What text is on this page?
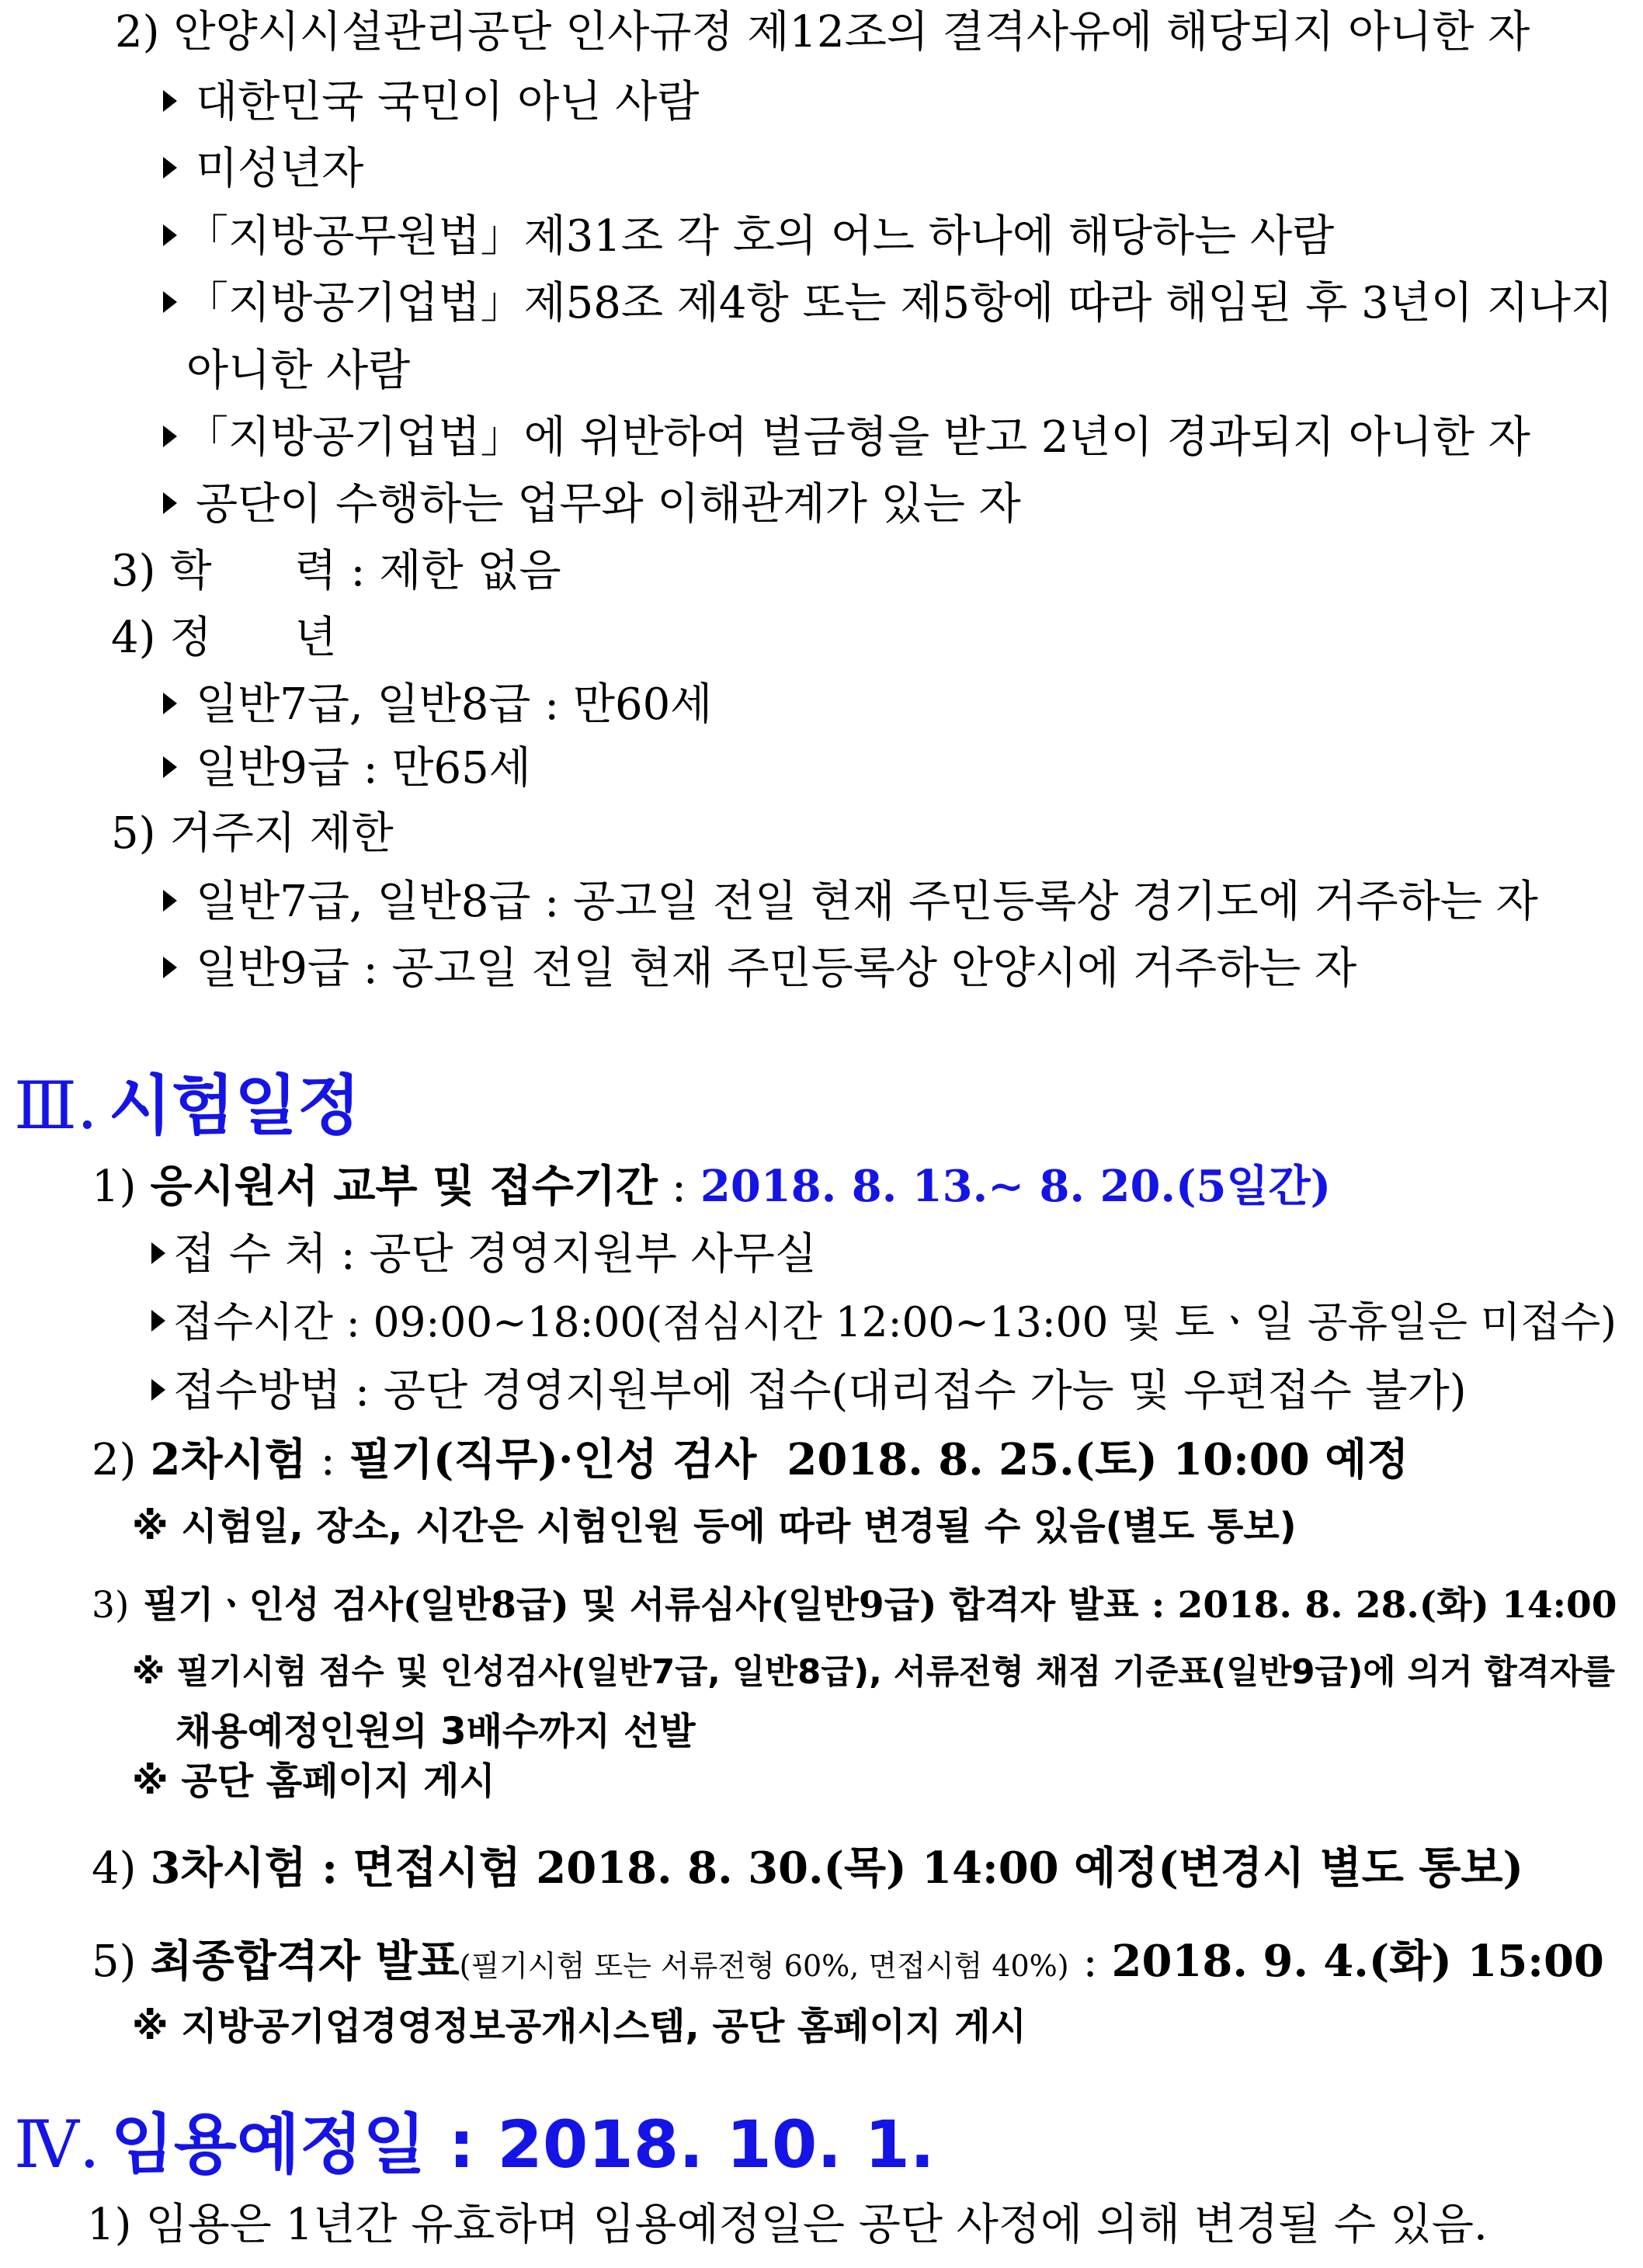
2) 안양시시설관리공단 인사규정 제12조의 결격사유에 해당되지 아니한 자
대한민국 국민이 아닌 사람
미성년자
「지방공무원법」제31조 각 호의 어느 하나에 해당하는 사람
「지방공기업법」제58조 제4항 또는 제5항에 따라 해임된 후 3년이 지나지
아니한 사람
「지방공기업법」에 위반하여 벌금형을 받고 2년이 경과되지 아니한 자
공단이 수행하는 업무와 이해관계가 있는 자
3) 학      력 : 제한 없음
4) 정      년
일반7급, 일반8급 : 만60세
일반9급 : 만65세
5) 거주지 제한
일반7급, 일반8급 : 공고일 전일 현재 주민등록상 경기도에 거주하는 자
일반9급 : 공고일 전일 현재 주민등록상 안양시에 거주하는 자
Ⅲ. 시험일정
1) 응시원서 교부 및 접수기간 : 2018. 8. 13.∼ 8. 20.(5일간)
접 수 처 : 공단 경영지원부 사무실
접수시간 : 09:00~18:00(점심시간 12:00~13:00 및 토ㆍ일 공휴일은 미접수)
접수방법 : 공단 경영지원부에 접수(대리접수 가능 및 우편접수 불가)
2) 2차시험 : 필기(직무)·인성 검사  2018. 8. 25.(토) 10:00 예정
※ 시험일, 장소, 시간은 시험인원 등에 따라 변경될 수 있음(별도 통보)
3) 필기ㆍ인성 검사(일반8급) 및 서류심사(일반9급) 합격자 발표 : 2018. 8. 28.(화) 14:00
※ 필기시험 점수 및 인성검사(일반7급, 일반8급), 서류전형 채점 기준표(일반9급)에 의거 합격자를
채용예정인원의 3배수까지 선발
※ 공단 홈페이지 게시
4) 3차시험 : 면접시험 2018. 8. 30.(목) 14:00 예정(변경시 별도 통보)
5) 최종합격자 발표(필기시험 또는 서류전형 60%, 면접시험 40%) : 2018. 9. 4.(화) 15:00
※ 지방공기업경영정보공개시스템, 공단 홈페이지 게시
Ⅳ. 임용예정일 : 2018. 10. 1.
1) 임용은 1년간 유효하며 임용예정일은 공단 사정에 의해 변경될 수 있음.
